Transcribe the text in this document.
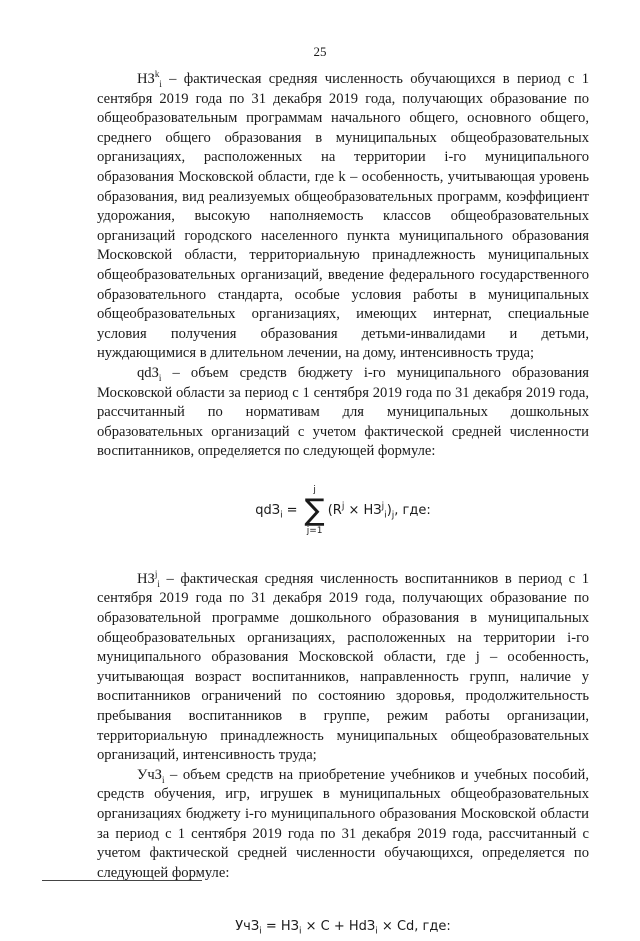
25

$НЗ^k_i$ – фактическая средняя численность обучающихся в период с 1 сентября 2019 года по 31 декабря 2019 года, получающих образование по общеобразовательным программам начального общего, основного общего, среднего общего образования в муниципальных общеобразовательных организациях, расположенных на территории i-го муниципального образования Московской области, где k – особенность, учитывающая уровень образования, вид реализуемых общеобразовательных программ, коэффициент удорожания, высокую наполняемость классов общеобразовательных организаций городского населенного пункта муниципального образования Московской области, территориальную принадлежность муниципальных общеобразовательных организаций, введение федерального государственного образовательного стандарта, особые условия работы в муниципальных общеобразовательных организациях, имеющих интернат, специальные условия получения образования детьми-инвалидами и детьми, нуждающимися в длительном лечении, на дому, интенсивность труда;

qdЗ$_i$ – объем средств бюджету i-го муниципального образования Московской области за период с 1 сентября 2019 года по 31 декабря 2019 года, рассчитанный по нормативам для муниципальных дошкольных образовательных организаций с учетом фактической средней численности воспитанников, определяется по следующей формуле:

qdЗ$_i$ =
j
∑
j=1
$(R^j \times НЗ^j_i)_j$, где:

$НЗ^j_i$ – фактическая средняя численность воспитанников в период с 1 сентября 2019 года по 31 декабря 2019 года, получающих образование по образовательной программе дошкольного образования в муниципальных общеобразовательных организациях, расположенных на территории i-го муниципального образования Московской области, где j – особенность, учитывающая возраст воспитанников, направленность групп, наличие у воспитанников ограничений по состоянию здоровья, продолжительность пребывания воспитанников в группе, режим работы организации, территориальную принадлежность муниципальных общеобразовательных организаций, интенсивность труда;

УчЗ$_i$ – объем средств на приобретение учебников и учебных пособий, средств обучения, игр, игрушек в муниципальных общеобразовательных организациях бюджету i-го муниципального образования Московской области за период с 1 сентября 2019 года по 31 декабря 2019 года, рассчитанный с учетом фактической средней численности обучающихся, определяется по следующей формуле:

$УчЗ_i = НЗ_i \times C + HdЗ_i \times Cd$, где:
